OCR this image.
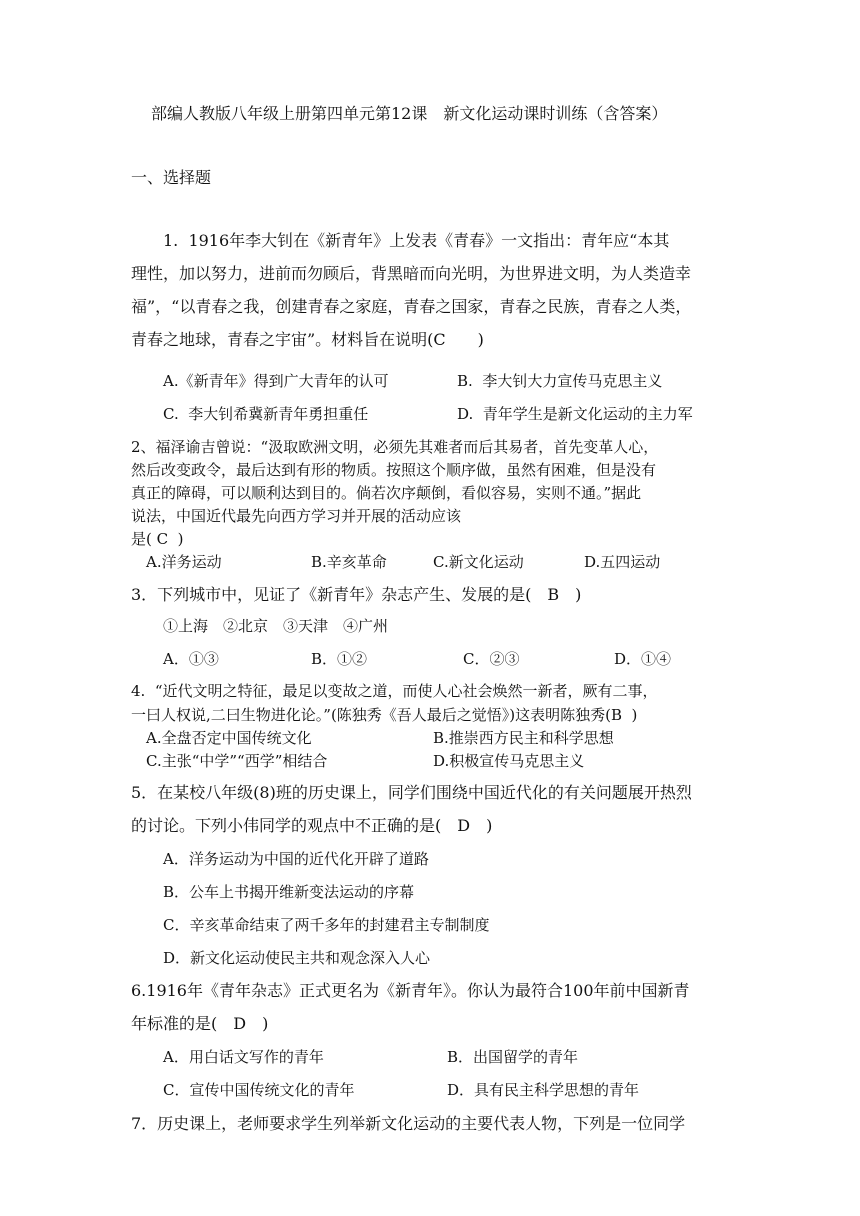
部编人教版八年级上册第四单元第12课　新文化运动课时训练（含答案）
一、选择题
1.  1916年李大钊在《新青年》上发表《青春》一文指出：青年应“本其
理性，加以努力，进前而勿顾后，背黑暗而向光明，为世界进文明，为人类造幸
福”，“以青春之我，创建青春之家庭，青春之国家，青春之民族，青春之人类，
青春之地球，青春之宇宙”。材料旨在说明(C　　)
A.《新青年》得到广大青年的认可	B.  李大钊大力宣传马克思主义
C.  李大钊希冀新青年勇担重任	D.  青年学生是新文化运动的主力军
2、福泽谕吉曾说：“汲取欧洲文明，必须先其难者而后其易者，首先变革人心，
然后改变政令，最后达到有形的物质。按照这个顺序做，虽然有困难，但是没有
真正的障碍，可以顺利达到目的。倘若次序颠倒，看似容易，实则不通。”据此
说法，中国近代最先向西方学习并开展的活动应该
是( C  )
A.洋务运动	B.辛亥革命	C.新文化运动	D.五四运动
3．下列城市中，见证了《新青年》杂志产生、发展的是(　B　)
①上海　②北京　③天津　④广州
A．①③	B．①②	C．②③	D．①④
4.  “近代文明之特征，最足以变故之道，而使人心社会焕然一新者，厥有二事，
一曰人权说,二曰生物进化论。”(陈独秀《吾人最后之觉悟》)这表明陈独秀(B  )
A.全盘否定中国传统文化	B.推崇西方民主和科学思想
C.主张“中学”“西学”相结合	D.积极宣传马克思主义
5．在某校八年级(8)班的历史课上，同学们围绕中国近代化的有关问题展开热烈
的讨论。下列小伟同学的观点中不正确的是(　D　)
A．洋务运动为中国的近代化开辟了道路
B．公车上书揭开维新变法运动的序幕
C．辛亥革命结束了两千多年的封建君主专制制度
D．新文化运动使民主共和观念深入人心
6.1916年《青年杂志》正式更名为《新青年》。你认为最符合100年前中国新青
年标准的是(　D　)
A．用白话文写作的青年	B．出国留学的青年
C．宣传中国传统文化的青年	D．具有民主科学思想的青年
7．历史课上，老师要求学生列举新文化运动的主要代表人物，下列是一位同学
